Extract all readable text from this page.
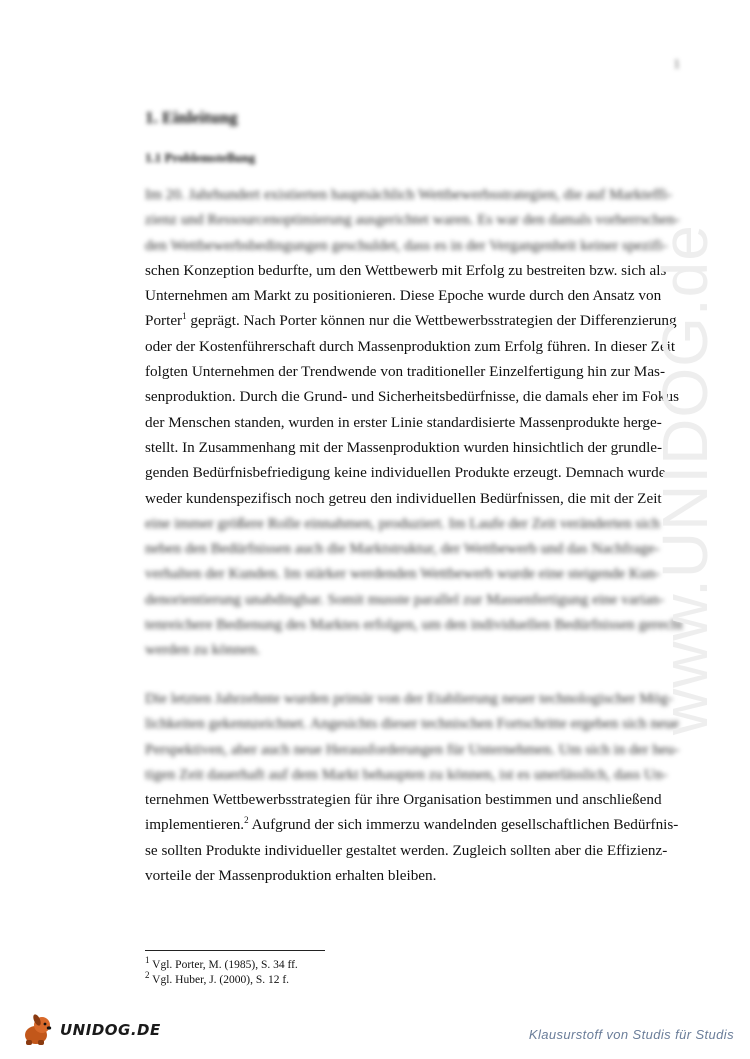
1
1. Einleitung
1.1 Problemstellung
Im 20. Jahrhundert existierten hauptsächlich Wettbewerbsstrategien, die auf Markteffi-
zienz und Ressourcenoptimierung ausgerichtet waren. Es war den damals vorherrschen-
den Wettbewerbsbedingungen geschuldet, dass es in der Vergangenheit keiner spezifi-
schen Konzeption bedurfte, um den Wettbewerb mit Erfolg zu bestreiten bzw. sich als
Unternehmen am Markt zu positionieren. Diese Epoche wurde durch den Ansatz von
Porter$^1$ geprägt. Nach Porter können nur die Wettbewerbsstrategien der Differenzierung
oder der Kostenführerschaft durch Massenproduktion zum Erfolg führen. In dieser Zeit
folgten Unternehmen der Trendwende von traditioneller Einzelfertigung hin zur Mas-
senproduktion. Durch die Grund- und Sicherheitsbedürfnisse, die damals eher im Fokus
der Menschen standen, wurden in erster Linie standardisierte Massenprodukte herge-
stellt. In Zusammenhang mit der Massenproduktion wurden hinsichtlich der grundle-
genden Bedürfnisbefriedigung keine individuellen Produkte erzeugt. Demnach wurde
weder kundenspezifisch noch getreu den individuellen Bedürfnissen, die mit der Zeit
eine immer größere Rolle einnahmen, produziert. Im Laufe der Zeit veränderten sich
neben den Bedürfnissen auch die Marktstruktur, der Wettbewerb und das Nachfrage-
verhalten der Kunden. Im stärker werdenden Wettbewerb wurde eine steigende Kun-
denorientierung unabdingbar. Somit musste parallel zur Massenfertigung eine varian-
tenreichere Bedienung des Marktes erfolgen, um den individuellen Bedürfnissen gerecht
werden zu können.
Die letzten Jahrzehnte wurden primär von der Etablierung neuer technologischer Mög-
lichkeiten gekennzeichnet. Angesichts dieser technischen Fortschritte ergeben sich neue
Perspektiven, aber auch neue Herausforderungen für Unternehmen. Um sich in der heu-
tigen Zeit dauerhaft auf dem Markt behaupten zu können, ist es unerlässlich, dass Un-
ternehmen Wettbewerbsstrategien für ihre Organisation bestimmen und anschließend
implementieren.$^2$ Aufgrund der sich immerzu wandelnden gesellschaftlichen Bedürfnis-
se sollten Produkte individueller gestaltet werden. Zugleich sollten aber die Effizienz-
vorteile der Massenproduktion erhalten bleiben.
$^1$ Vgl. Porter, M. (1985), S. 34 ff.
$^2$ Vgl. Huber, J. (2000), S. 12 f.
www.UNIDOG.de
UNIDOG.DE	Klausurstoff von Studis für Studis
